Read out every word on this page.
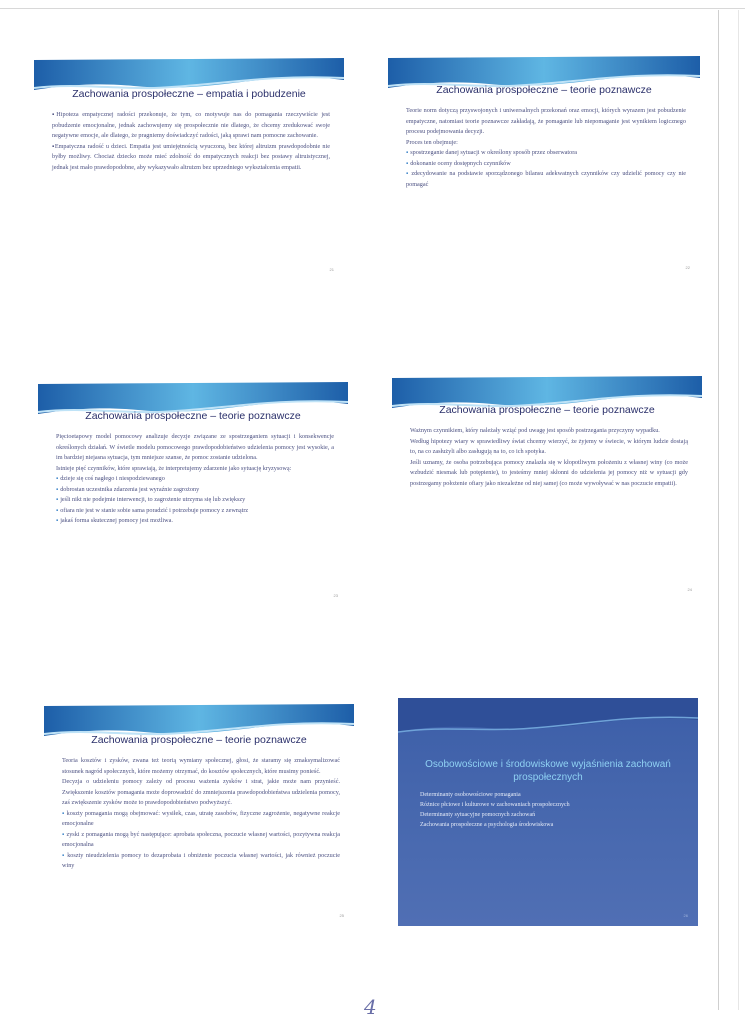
Zachowania prospołeczne – empatia i pobudzenie

▪Hipoteza empatycznej radości przekonuje, że tym, co motywuje nas do pomagania rzeczywiście jest pobudzenie emocjonalne, jednak zachowujemy się prospołecznie nie dlatego, że chcemy zredukować swoje negatywne emocje, ale dlatego, że pragniemy doświadczyć radości, jaką sprawi nam pomocne zachowanie.

▪Empatyczna radość u dzieci. Empatia jest umiejętnością wyuczoną, bez której altruizm prawdopodobnie nie byłby możliwy. Chociaż dziecko może mieć zdolność do empatycznych reakcji bez postawy altruistycznej, jednak jest mało prawdopodobne, aby wykazywało altruizm bez uprzedniego wykształcenia empatii.

21
Zachowania prospołeczne – teorie poznawcze

Teorie norm dotyczą przyswojonych i uniwersalnych przekonań oraz emocji, których wyrazem jest pobudzenie empatyczne, natomiast teorie poznawcze zakładają, że pomaganie lub niepomaganie jest wynikiem logicznego procesu podejmowania decyzji.

Proces ten obejmuje:

▪ spostrzeganie danej sytuacji w określony sposób przez obserwatora

▪ dokonanie oceny dostępnych czynników

▪ zdecydowanie na podstawie sporządzonego bilansu adekwatnych czynników czy udzielić pomocy czy nie pomagać

22
Zachowania prospołeczne – teorie poznawcze

Pięcioetapowy model pomocowy analizuje decyzje związane ze spostrzeganiem sytuacji i konsekwencje określonych działań. W świetle modelu pomocowego prawdopodobieństwo udzielenia pomocy jest wysokie, a im bardziej niejasna sytuacja, tym mniejsze szanse, że pomoc zostanie udzielona.

Istnieje pięć czynników, które sprawiają, że interpretujemy zdarzenie jako sytuację kryzysową:

▪ dzieje się coś nagłego i niespodziewanego

▪ dobrostan uczestnika zdarzenia jest wyraźnie zagrożony

▪ jeśli nikt nie podejmie interwencji, to zagrożenie utrzyma się lub zwiększy

▪ ofiara nie jest w stanie sobie sama poradzić i potrzebuje pomocy z zewnątrz

▪ jakaś forma skutecznej pomocy jest możliwa.

23
Zachowania prospołeczne – teorie poznawcze

Ważnym czynnikiem, który należały wziąć pod uwagę jest sposób postrzegania przyczyny wypadku.

Według hipotezy wiary w sprawiedliwy świat chcemy wierzyć, że żyjemy w świecie, w którym ludzie dostają to, na co zasłużyli albo zasługują na to, co ich spotyka.

Jeśli uznamy, że osoba potrzebująca pomocy znalazła się w kłopotliwym położeniu z własnej winy (co może wzbudzić niesmak lub potępienie), to jesteśmy mniej skłonni do udzielenia jej pomocy niż w sytuacji gdy postrzegamy położenie ofiary jako niezależne od niej samej (co może wywoływać w nas poczucie empatii).

24
Zachowania prospołeczne – teorie poznawcze

Teoria kosztów i zysków, zwana też teorią wymiany społecznej, głosi, że staramy się zmaksymalizować stosunek nagród społecznych, które możemy otrzymać, do kosztów społecznych, które musimy ponieść.

Decyzja o udzieleniu pomocy zależy od procesu ważenia zysków i strat, jakie może nam przynieść. Zwiększenie kosztów pomagania może doprowadzić do zmniejszenia prawdopodobieństwa udzielenia pomocy, zaś zwiększenie zysków może to prawdopodobieństwo podwyższyć.

▪ koszty pomagania mogą obejmować: wysiłek, czas, utratę zasobów, fizyczne zagrożenie, negatywne reakcje emocjonalne

▪ zyski z pomagania mogą być następujące: aprobata społeczna, poczucie własnej wartości, pozytywna reakcja emocjonalna

▪ koszty nieudzielenia pomocy to dezaprobata i obniżenie poczucia własnej wartości, jak również poczucie winy

25
Osobowościowe i środowiskowe wyjaśnienia zachowań prospołecznych
Determinanty osobowościowe pomagania
Różnice płciowe i kulturowe w zachowaniach prospołecznych
Determinanty sytuacyjne pomocnych zachowań
Zachowania prospołeczne a psychologia środowiskowa
26
4
